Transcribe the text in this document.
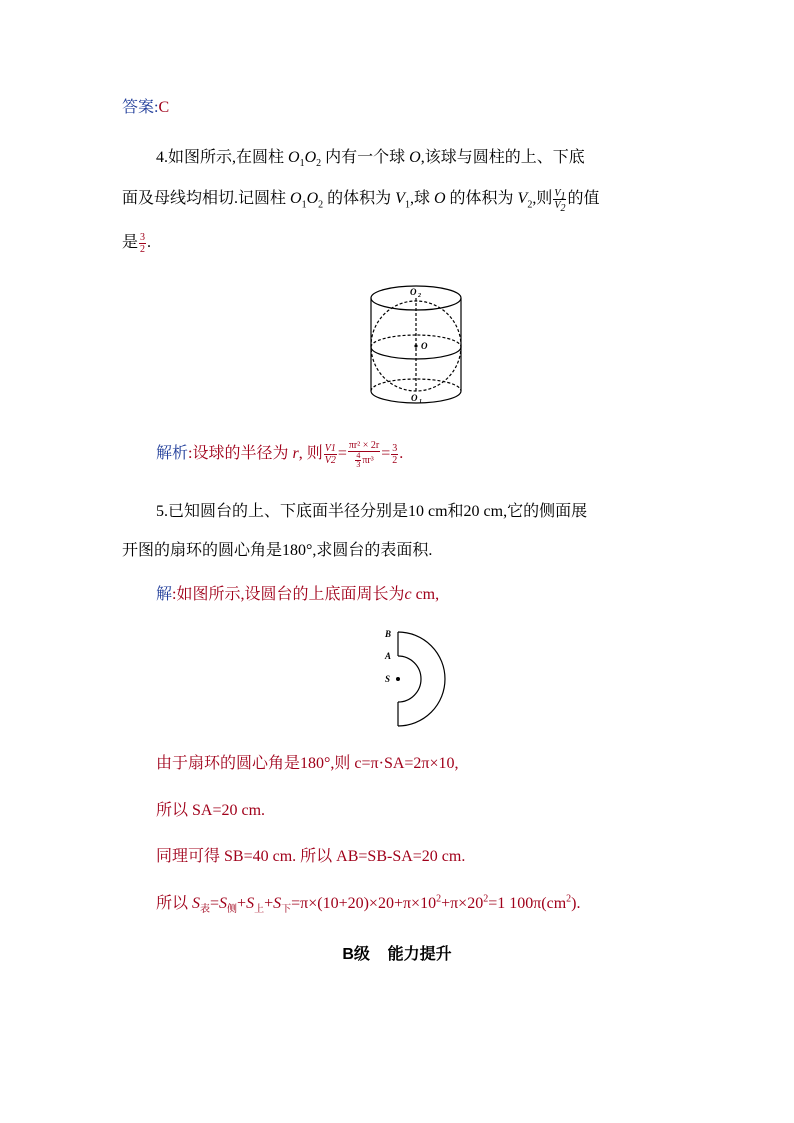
答案:C
4.如图所示,在圆柱 $O_1O_2$ 内有一个球 O,该球与圆柱的上、下底
面及母线均相切.记圆柱 $O_1O_2$ 的体积为 $V_1$,球 O 的体积为 $V_2$,则 $\frac{V_1}{V_2}$ 的值
是 $\frac{3}{2}$ .
O 2
O
O 1
解析:设球的半径为 r, 则 $\frac{V1}{V2} = \frac{\text{πr² × 2r}}{\frac{4}{3} \pi r^3} = \frac{3}{2}$ .
5.已知圆台的上、下底面半径分别是10 cm和20 cm,它的侧面展
开图的扇环的圆心角是180°,求圆台的表面积.
解:如图所示,设圆台的上底面周长为c cm,
B
A
S
由于扇环的圆心角是180°,则 c=π·SA=2π×10,
所以 SA=20 cm.
同理可得 SB=40 cm. 所以 AB=SB-SA=20 cm.
所以 $S_表=S_侧+S_上+S_下=\pi\times(10+20)\times 20+\pi\times 10^2+\pi\times 20^2=1$ $100\pi(cm^2)$.
B级    能力提升
